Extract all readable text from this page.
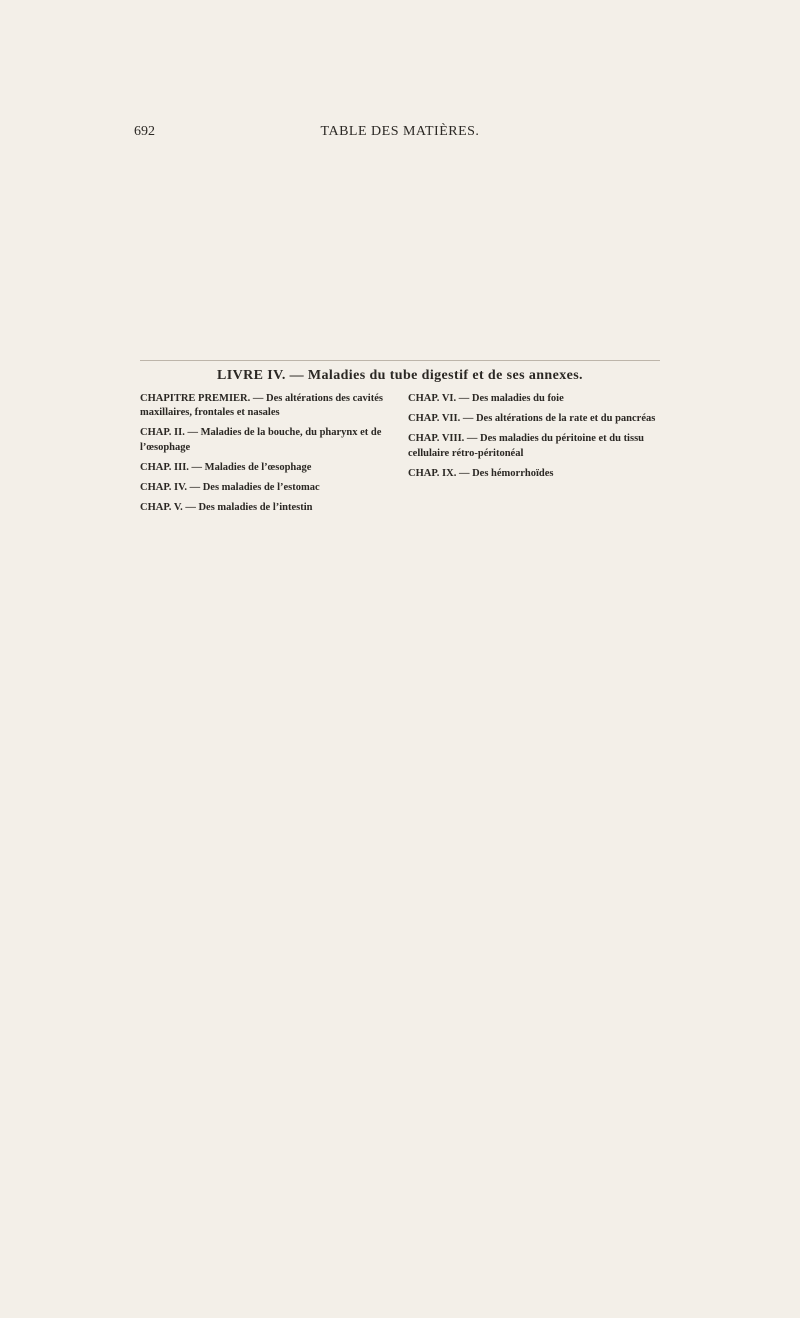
692	TABLE DES MATIÈRES.
LIVRE IV. — Maladies du tube digestif et de ses annexes.
CHAPITRE PREMIER. — Des altérations des cavités maxillaires, frontales et nasales
CHAP. II. — Maladies de la bouche, du pharynx et de l’œsophage
CHAP. III. — Maladies de l’œsophage
CHAP. IV. — Des maladies de l’estomac
CHAP. V. — Des maladies de l’intestin
CHAP. VI. — Des maladies du foie
CHAP. VII. — Des altérations de la rate et du pancréas
CHAP. VIII. — Des maladies du péritoine et du tissu cellulaire rétro-péritonéal
CHAP. IX. — Des hémorrhoïdes
